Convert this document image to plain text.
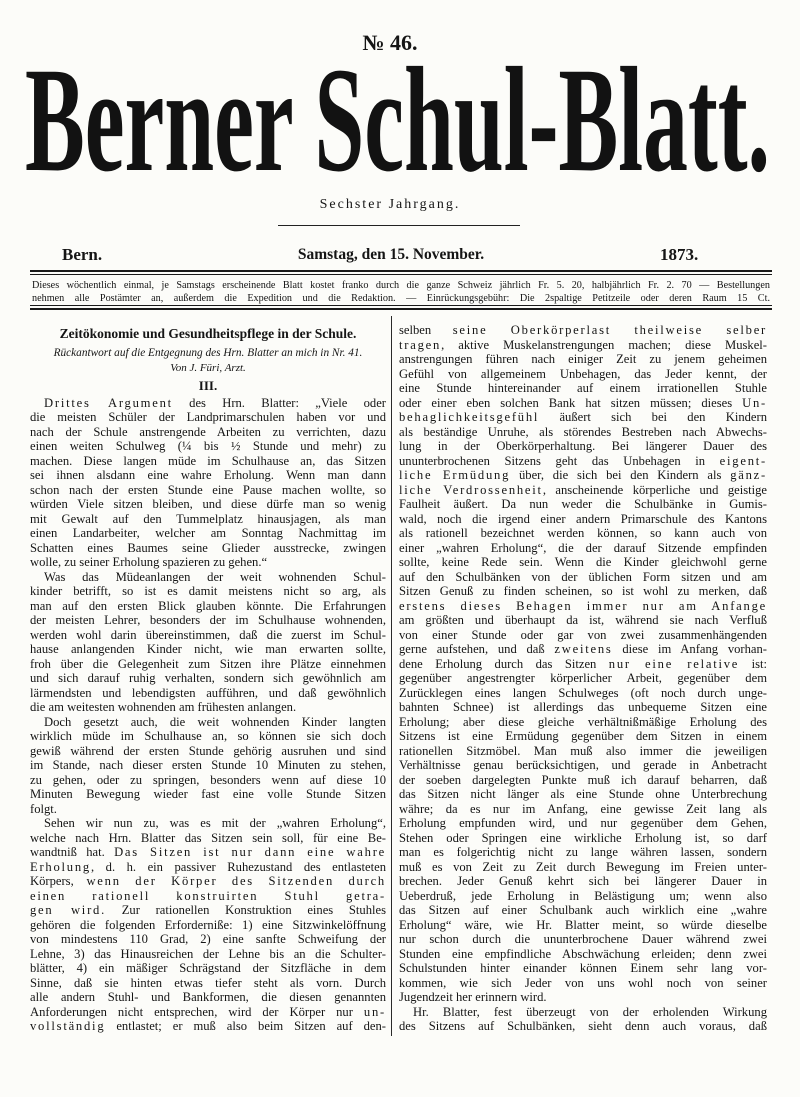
№ 46.
Berner Schul-Blatt.
Sechster Jahrgang.
Bern.	Samstag, den 15. November.	1873.
Dieses wöchentlich einmal, je Samstags erscheinende Blatt kostet franko durch die ganze Schweiz jährlich Fr. 5. 20, halbjährlich Fr. 2. 70 — Bestellungen
nehmen alle Postämter an, außerdem die Expedition und die Redaktion. — Einrückungsgebühr: Die 2spaltige Petitzeile oder deren Raum 15 Ct.
Zeitökonomie und Gesundheitspflege in der Schule.
Rückantwort auf die Entgegnung des Hrn. Blatter an mich in Nr. 41.
Von J. Füri, Arzt.
III.
Drittes Argument des Hrn. Blatter: „Viele oder
die meisten Schüler der Landprimarschulen haben vor und
nach der Schule anstrengende Arbeiten zu verrichten, dazu
einen weiten Schulweg (¼ bis ½ Stunde und mehr) zu
machen. Diese langen müde im Schulhause an, das Sitzen
sei ihnen alsdann eine wahre Erholung. Wenn man dann
schon nach der ersten Stunde eine Pause machen wollte, so
würden Viele sitzen bleiben, und diese dürfe man so wenig
mit Gewalt auf den Tummelplatz hinausjagen, als man
einen Landarbeiter, welcher am Sonntag Nachmittag im
Schatten eines Baumes seine Glieder ausstrecke, zwingen
wolle, zu seiner Erholung spazieren zu gehen.“
Was das Müdeanlangen der weit wohnenden Schul-
kinder betrifft, so ist es damit meistens nicht so arg, als
man auf den ersten Blick glauben könnte. Die Erfahrungen
der meisten Lehrer, besonders der im Schulhause wohnenden,
werden wohl darin übereinstimmen, daß die zuerst im Schul-
hause anlangenden Kinder nicht, wie man erwarten sollte,
froh über die Gelegenheit zum Sitzen ihre Plätze einnehmen
und sich darauf ruhig verhalten, sondern sich gewöhnlich am
lärmendsten und lebendigsten aufführen, und daß gewöhnlich
die am weitesten wohnenden am frühesten anlangen.
Doch gesetzt auch, die weit wohnenden Kinder langten
wirklich müde im Schulhause an, so können sie sich doch
gewiß während der ersten Stunde gehörig ausruhen und sind
im Stande, nach dieser ersten Stunde 10 Minuten zu stehen,
zu gehen, oder zu springen, besonders wenn auf diese 10
Minuten Bewegung wieder fast eine volle Stunde Sitzen
folgt.
Sehen wir nun zu, was es mit der „wahren Erholung“,
welche nach Hrn. Blatter das Sitzen sein soll, für eine Be-
wandtniß hat. Das Sitzen ist nur dann eine wahre
Erholung, d. h. ein passiver Ruhezustand des entlasteten
Körpers, wenn der Körper des Sitzenden durch
einen rationell konstruirten Stuhl getra-
gen wird. Zur rationellen Konstruktion eines Stuhles
gehören die folgenden Erforderniße: 1) eine Sitzwinkelöffnung
von mindestens 110 Grad, 2) eine sanfte Schweifung der
Lehne, 3) das Hinausreichen der Lehne bis an die Schulter-
blätter, 4) ein mäßiger Schrägstand der Sitzfläche in dem
Sinne, daß sie hinten etwas tiefer steht als vorn. Durch
alle andern Stuhl- und Bankformen, die diesen genannten
Anforderungen nicht entsprechen, wird der Körper nur un-
vollständig entlastet; er muß also beim Sitzen auf den-
selben seine Oberkörperlast theilweise selber
tragen, aktive Muskelanstrengungen machen; diese Muskel-
anstrengungen führen nach einiger Zeit zu jenem geheimen
Gefühl von allgemeinem Unbehagen, das Jeder kennt, der
eine Stunde hintereinander auf einem irrationellen Stuhle
oder einer eben solchen Bank hat sitzen müssen; dieses Un-
behaglichkeitsgefühl äußert sich bei den Kindern
als beständige Unruhe, als störendes Bestreben nach Abwechs-
lung in der Oberkörperhaltung. Bei längerer Dauer des
ununterbrochenen Sitzens geht das Unbehagen in eigent-
liche Ermüdung über, die sich bei den Kindern als gänz-
liche Verdrossenheit, anscheinende körperliche und geistige
Faulheit äußert. Da nun weder die Schulbänke in Gumis-
wald, noch die irgend einer andern Primarschule des Kantons
als rationell bezeichnet werden können, so kann auch von
einer „wahren Erholung“, die der darauf Sitzende empfinden
sollte, keine Rede sein. Wenn die Kinder gleichwohl gerne
auf den Schulbänken von der üblichen Form sitzen und am
Sitzen Genuß zu finden scheinen, so ist wohl zu merken, daß
erstens dieses Behagen immer nur am Anfange
am größten und überhaupt da ist, während sie nach Verfluß
von einer Stunde oder gar von zwei zusammenhängenden
gerne aufstehen, und daß zweitens diese im Anfang vorhan-
dene Erholung durch das Sitzen nur eine relative ist:
gegenüber angestrengter körperlicher Arbeit, gegenüber dem
Zurücklegen eines langen Schulweges (oft noch durch unge-
bahnten Schnee) ist allerdings das unbequeme Sitzen eine
Erholung; aber diese gleiche verhältnißmäßige Erholung des
Sitzens ist eine Ermüdung gegenüber dem Sitzen in einem
rationellen Sitzmöbel. Man muß also immer die jeweiligen
Verhältnisse genau berücksichtigen, und gerade in Anbetracht
der soeben dargelegten Punkte muß ich darauf beharren, daß
das Sitzen nicht länger als eine Stunde ohne Unterbrechung
währe; da es nur im Anfang, eine gewisse Zeit lang als
Erholung empfunden wird, und nur gegenüber dem Gehen,
Stehen oder Springen eine wirkliche Erholung ist, so darf
man es folgerichtig nicht zu lange währen lassen, sondern
muß es von Zeit zu Zeit durch Bewegung im Freien unter-
brechen. Jeder Genuß kehrt sich bei längerer Dauer in
Ueberdruß, jede Erholung in Belästigung um; wenn also
das Sitzen auf einer Schulbank auch wirklich eine „wahre
Erholung“ wäre, wie Hr. Blatter meint, so würde dieselbe
nur schon durch die ununterbrochene Dauer während zwei
Stunden eine empfindliche Abschwächung erleiden; denn zwei
Schulstunden hinter einander können Einem sehr lang vor-
kommen, wie sich Jeder von uns wohl noch von seiner
Jugendzeit her erinnern wird.
Hr. Blatter, fest überzeugt von der erholenden Wirkung
des Sitzens auf Schulbänken, sieht denn auch voraus, daß
